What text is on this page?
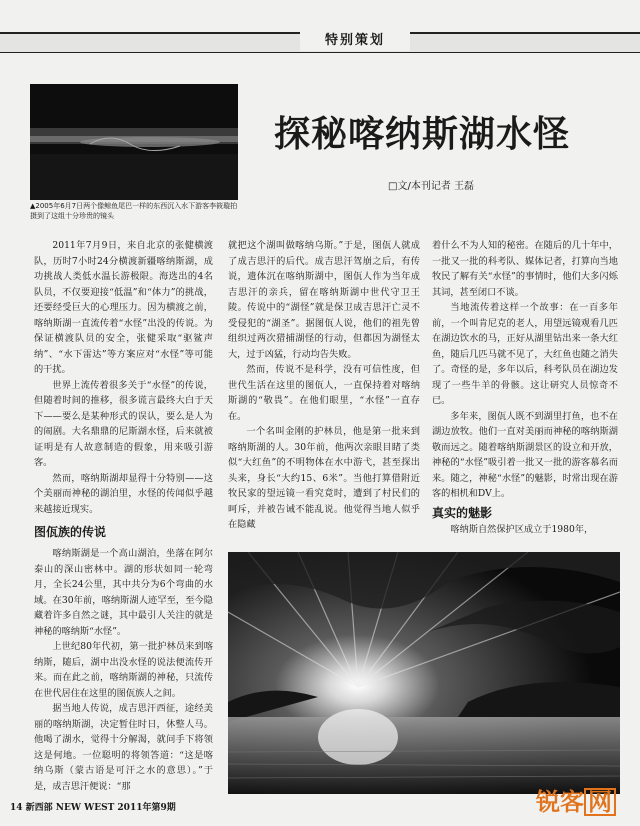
特别策划
▲2005年6月7日两个像鲸鱼尾巴一样的东西沉入水下游客李筱璇拍摄到了这组十分珍贵的镜头
探秘喀纳斯湖水怪
□文/本刊记者 王磊

2011年7月9日，来自北京的张健横渡队，历时7小时24分横渡新疆喀纳斯湖，成功挑战人类低水温长游极限。海选出的4名队员，不仅要迎接“低温”和“体力”的挑战，还要经受巨大的心理压力。因为横渡之前，喀纳斯湖一直流传着“水怪”出没的传说。为保证横渡队员的安全，张健采取“驱鲨声纳”、“水下雷达”等方案应对“水怪”等可能的干扰。

世界上流传着很多关于“水怪”的传说，但随着时间的推移，很多谎言最终大白于天下——要么是某种形式的误认，要么是人为的闹剧。大名鼎鼎的尼斯湖水怪，后来就被证明是有人故意制造的假象，用来吸引游客。

然而，喀纳斯湖却显得十分特别——这个美丽而神秘的湖泊里，水怪的传闻似乎越来越接近现实。

图佤族的传说

喀纳斯湖是一个高山湖泊，坐落在阿尔泰山的深山密林中。湖的形状如同一轮弯月，全长24公里，其中共分为6个弯曲的水域。在30年前，喀纳斯湖人迹罕至，至今隐藏着许多自然之谜，其中最引人关注的就是神秘的喀纳斯“水怪”。

上世纪80年代初，第一批护林员来到喀纳斯，随后，湖中出没水怪的说法便流传开来。而在此之前，喀纳斯湖的神秘，只流传在世代居住在这里的图佤族人之间。

据当地人传说，成吉思汗西征，途经美丽的喀纳斯湖，决定暂住时日，休整人马。他喝了湖水，觉得十分解渴，就问手下将领这是何地。一位聪明的将领答道：“这是喀纳乌斯（蒙古语是可汗之水的意思）。”于是，成吉思汗便说：“那

就把这个湖叫做喀纳乌斯。”于是，图佤人就成了成吉思汗的后代。成吉思汗驾崩之后，有传说，遗体沉在喀纳斯湖中，图佤人作为当年成吉思汗的亲兵，留在喀纳斯湖中世代守卫王陵。传说中的“湖怪”就是保卫成吉思汗亡灵不受侵犯的“湖圣”。据图佤人说，他们的祖先曾组织过两次猎捕湖怪的行动，但都因为湖怪太大，过于凶猛，行动均告失败。

然而，传说不是科学，没有可信性度，但世代生活在这里的图佤人，一直保持着对喀纳斯湖的“敬畏”。在他们眼里，“水怪”一直存在。

一个名叫金刚的护林员，他是第一批来到喀纳斯湖的人。30年前，他两次亲眼目睹了类似“大红鱼”的不明物体在水中游弋，甚至探出头来，身长“大约15、6米”。当他打算借附近牧民家的望远镜一看究竟时，遭到了村民们的呵斥，并被告诫不能乱说。他觉得当地人似乎在隐藏

着什么不为人知的秘密。在随后的几十年中，一批又一批的科考队、媒体记者，打算向当地牧民了解有关“水怪”的事情时，他们大多闪烁其词，甚至闭口不谈。

当地流传着这样一个故事：在一百多年前，一个叫肯尼克的老人，用望远镜观看几匹在湖边饮水的马，正好从湖里钻出来一条大红鱼，随后几匹马就不见了，大红鱼也随之消失了。奇怪的是，多年以后，科考队员在湖边发现了一些牛羊的骨骸。这让研究人员惊奇不已。

多年来，图佤人既不到湖里打鱼，也不在湖边放牧。他们一直对美丽而神秘的喀纳斯湖敬而远之。随着喀纳斯湖景区的设立和开放，神秘的“水怪”吸引着一批又一批的游客慕名而来。随之，神秘“水怪”的魅影，时常出现在游客的相机和DV上。

真实的魅影

喀纳斯自然保护区成立于1980年，

14 新西部 NEW WEST 2011年第9期	锐客 网
